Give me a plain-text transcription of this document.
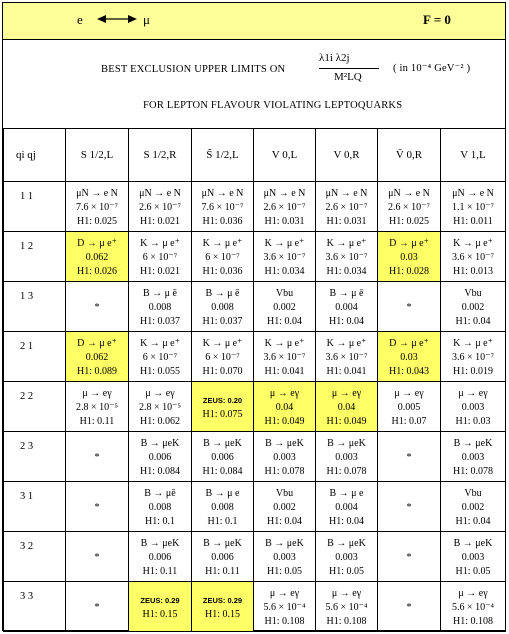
e	μ	F = 0
BEST EXCLUSION UPPER LIMITS ON
λ1i λ2j
M²LQ
( in 10⁻⁴ GeV⁻² )
FOR LEPTON FLAVOUR VIOLATING LEPTOQUARKS
qi qj	S 1/2,L	S 1/2,R	S̃ 1/2,L	V 0,L	V 0,R	Ṽ 0,R	V 1,L
1 1	μN → e N
7.6 × 10⁻⁷
H1: 0.025	μN → e N
2.6 × 10⁻⁷
H1: 0.021	μN → e N
7.6 × 10⁻⁷
H1: 0.036	μN → e N
2.6 × 10⁻⁷
H1: 0.031	μN → e N
2.6 × 10⁻⁷
H1: 0.031	μN → e N
2.6 × 10⁻⁷
H1: 0.025	μN → e N
1.1 × 10⁻⁷
H1: 0.011

1 2	D → μ e⁺
0.062
H1: 0.026	K → μ e⁺
6 × 10⁻⁷
H1: 0.021	K → μ e⁺
6 × 10⁻⁷
H1: 0.036	K → μ e⁺
3.6 × 10⁻⁷
H1: 0.034	K → μ e⁺
3.6 × 10⁻⁷
H1: 0.034	D → μ e⁺
0.03
H1: 0.028	K → μ e⁺
3.6 × 10⁻⁷
H1: 0.013

1 3	*	B → μ ē
0.008
H1: 0.037	B → μ ē
0.008
H1: 0.037	Vbu
0.002
H1: 0.04	B → μ ē
0.004
H1: 0.04	*	Vbu
0.002
H1: 0.04

2 1	D → μ e⁺
0.062
H1: 0.089	K → μ e⁺
6 × 10⁻⁷
H1: 0.055	K → μ e⁺
6 × 10⁻⁷
H1: 0.070	K → μ e⁺
3.6 × 10⁻⁷
H1: 0.041	K → μ e⁺
3.6 × 10⁻⁷
H1: 0.041	D → μ e⁺
0.03
H1: 0.043	K → μ e⁺
3.6 × 10⁻⁷
H1: 0.019

2 2	μ → eγ
2.8 × 10⁻⁵
H1: 0.11	μ → eγ
2.8 × 10⁻⁵
H1: 0.062	ZEUS: 0.20
H1: 0.075	μ → eγ
0.04
H1: 0.049	μ → eγ
0.04
H1: 0.049	μ → eγ
0.005
H1: 0.07	μ → eγ
0.003
H1: 0.03

2 3	*	B → μeK
0.006
H1: 0.084	B → μeK
0.006
H1: 0.084	B → μeK
0.003
H1: 0.078	B → μeK
0.003
H1: 0.078	*	B → μeK
0.003
H1: 0.078

3 1	*	B → μē
0.008
H1: 0.1	B → μ e
0.008
H1: 0.1	Vbu
0.002
H1: 0.04	B → μ e
0.004
H1: 0.04	*	Vbu
0.002
H1: 0.04

3 2	*	B → μeK
0.006
H1: 0.11	B → μeK
0.006
H1: 0.11	B → μeK
0.003
H1: 0.05	B → μeK
0.003
H1: 0.05	*	B → μeK
0.003
H1: 0.05

3 3	*	ZEUS: 0.29
H1: 0.15	ZEUS: 0.29
H1: 0.15	μ → eγ
5.6 × 10⁻⁴
H1: 0.108	μ → eγ
5.6 × 10⁻⁴
H1: 0.108	*	μ → eγ
5.6 × 10⁻⁴
H1: 0.108
